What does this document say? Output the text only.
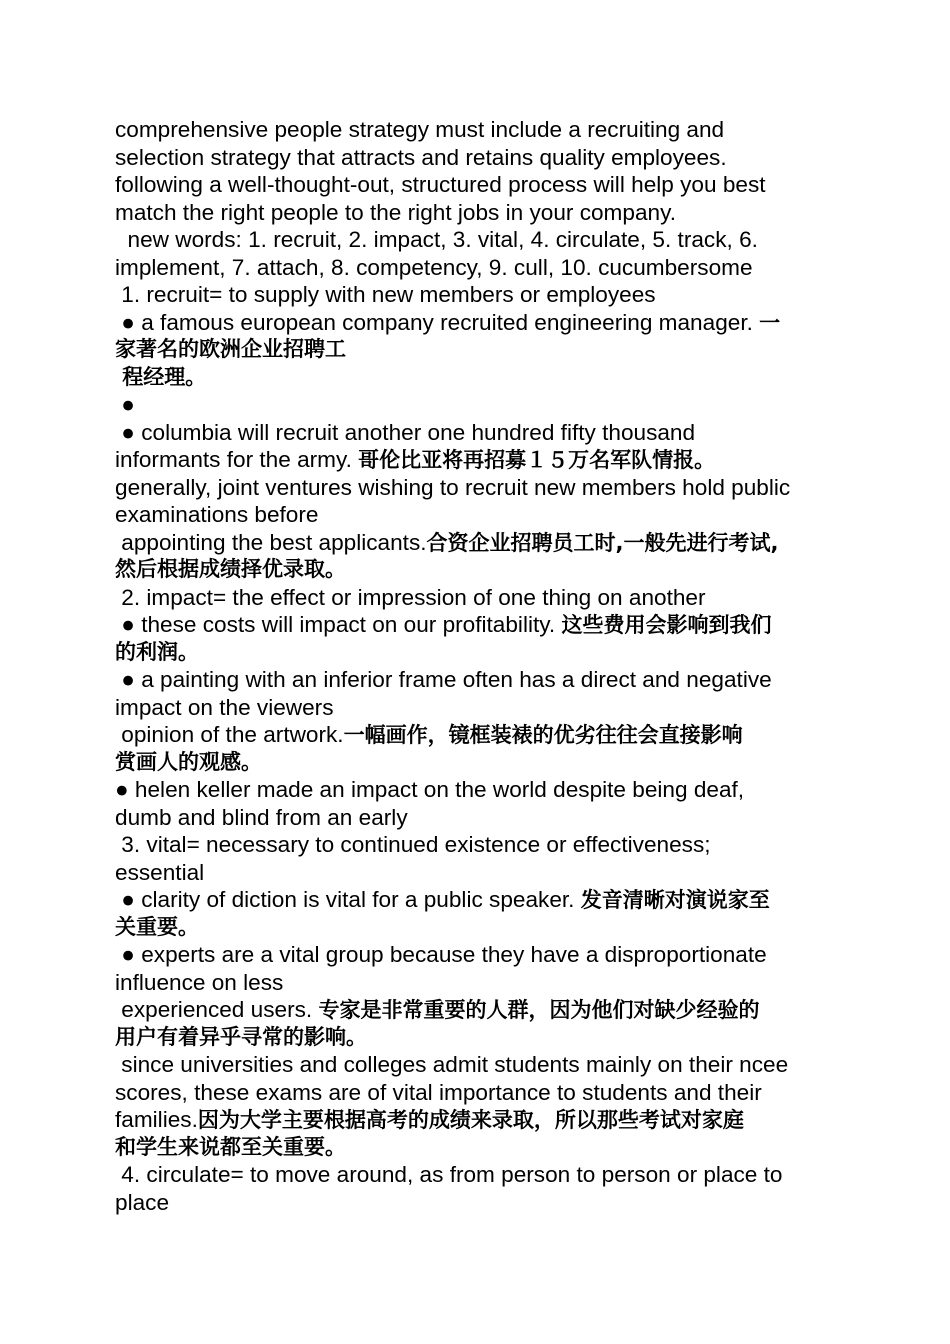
comprehensive people strategy must include a recruiting and
selection strategy that attracts and retains quality employees.
following a well-thought-out, structured process will help you best
match the right people to the right jobs in your company.
new words: 1. recruit, 2. impact, 3. vital, 4. circulate, 5. track, 6.
implement, 7. attach, 8. competency, 9. cull, 10. cucumbersome
1. recruit= to supply with new members or employees
● a famous european company recruited engineering manager. 一
家著名的欧洲企业招聘工
程经理。
●
● columbia will recruit another one hundred fifty thousand
informants for the army. 哥伦比亚将再招募１５万名军队情报。
generally, joint ventures wishing to recruit new members hold public
examinations before
appointing the best applicants.合资企业招聘员工时,一般先进行考试,
然后根据成绩择优录取。
2. impact= the effect or impression of one thing on another
● these costs will impact on our profitability. 这些费用会影响到我们
的利润。
● a painting with an inferior frame often has a direct and negative
impact on the viewers
opinion of the artwork.一幅画作，镜框装裱的优劣往往会直接影响
赏画人的观感。
● helen keller made an impact on the world despite being deaf,
dumb and blind from an early
3. vital= necessary to continued existence or effectiveness;
essential
● clarity of diction is vital for a public speaker. 发音清晰对演说家至
关重要。
● experts are a vital group because they have a disproportionate
influence on less
experienced users. 专家是非常重要的人群，因为他们对缺少经验的
用户有着异乎寻常的影响。
since universities and colleges admit students mainly on their ncee
scores, these exams are of vital importance to students and their
families.因为大学主要根据高考的成绩来录取，所以那些考试对家庭
和学生来说都至关重要。
4. circulate= to move around, as from person to person or place to
place
